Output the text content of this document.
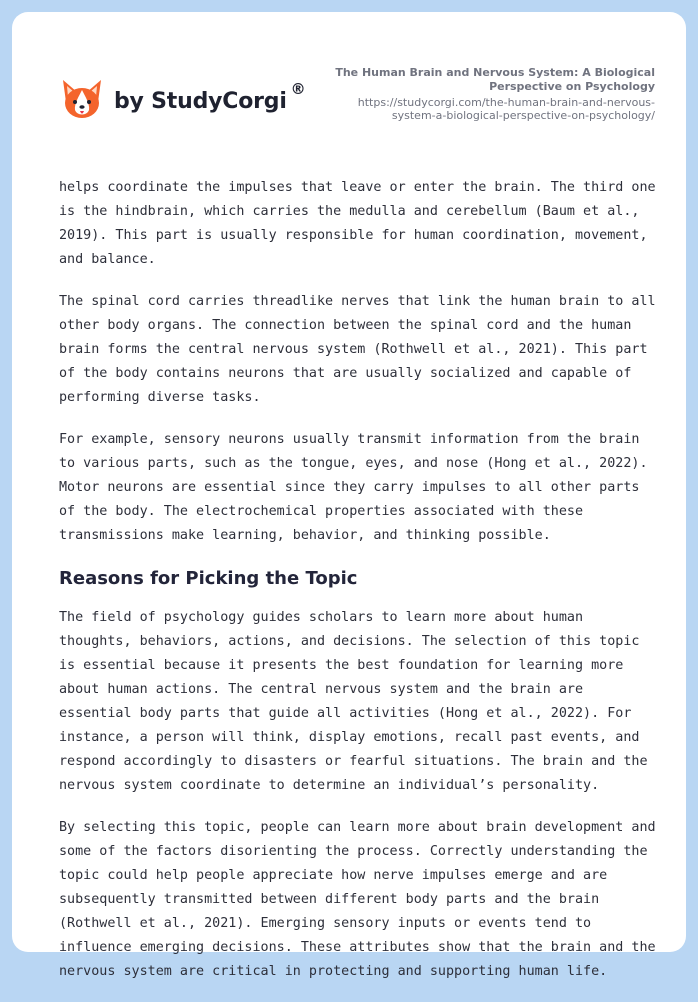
by StudyCorgi ®
The Human Brain and Nervous System: A Biological Perspective on Psychology
https://studycorgi.com/the-human-brain-and-nervous-system-a-biological-perspective-on-psychology/

helps coordinate the impulses that leave or enter the brain. The third one is the hindbrain, which carries the medulla and cerebellum (Baum et al., 2019). This part is usually responsible for human coordination, movement, and balance.

The spinal cord carries threadlike nerves that link the human brain to all other body organs. The connection between the spinal cord and the human brain forms the central nervous system (Rothwell et al., 2021). This part of the body contains neurons that are usually socialized and capable of performing diverse tasks.

For example, sensory neurons usually transmit information from the brain to various parts, such as the tongue, eyes, and nose (Hong et al., 2022). Motor neurons are essential since they carry impulses to all other parts of the body. The electrochemical properties associated with these transmissions make learning, behavior, and thinking possible.

Reasons for Picking the Topic

The field of psychology guides scholars to learn more about human thoughts, behaviors, actions, and decisions. The selection of this topic is essential because it presents the best foundation for learning more about human actions. The central nervous system and the brain are essential body parts that guide all activities (Hong et al., 2022). For instance, a person will think, display emotions, recall past events, and respond accordingly to disasters or fearful situations. The brain and the nervous system coordinate to determine an individual’s personality.

By selecting this topic, people can learn more about brain development and some of the factors disorienting the process. Correctly understanding the topic could help people appreciate how nerve impulses emerge and are subsequently transmitted between different body parts and the brain (Rothwell et al., 2021). Emerging sensory inputs or events tend to influence emerging decisions. These attributes show that the brain and the nervous system are critical in protecting and supporting human life.
